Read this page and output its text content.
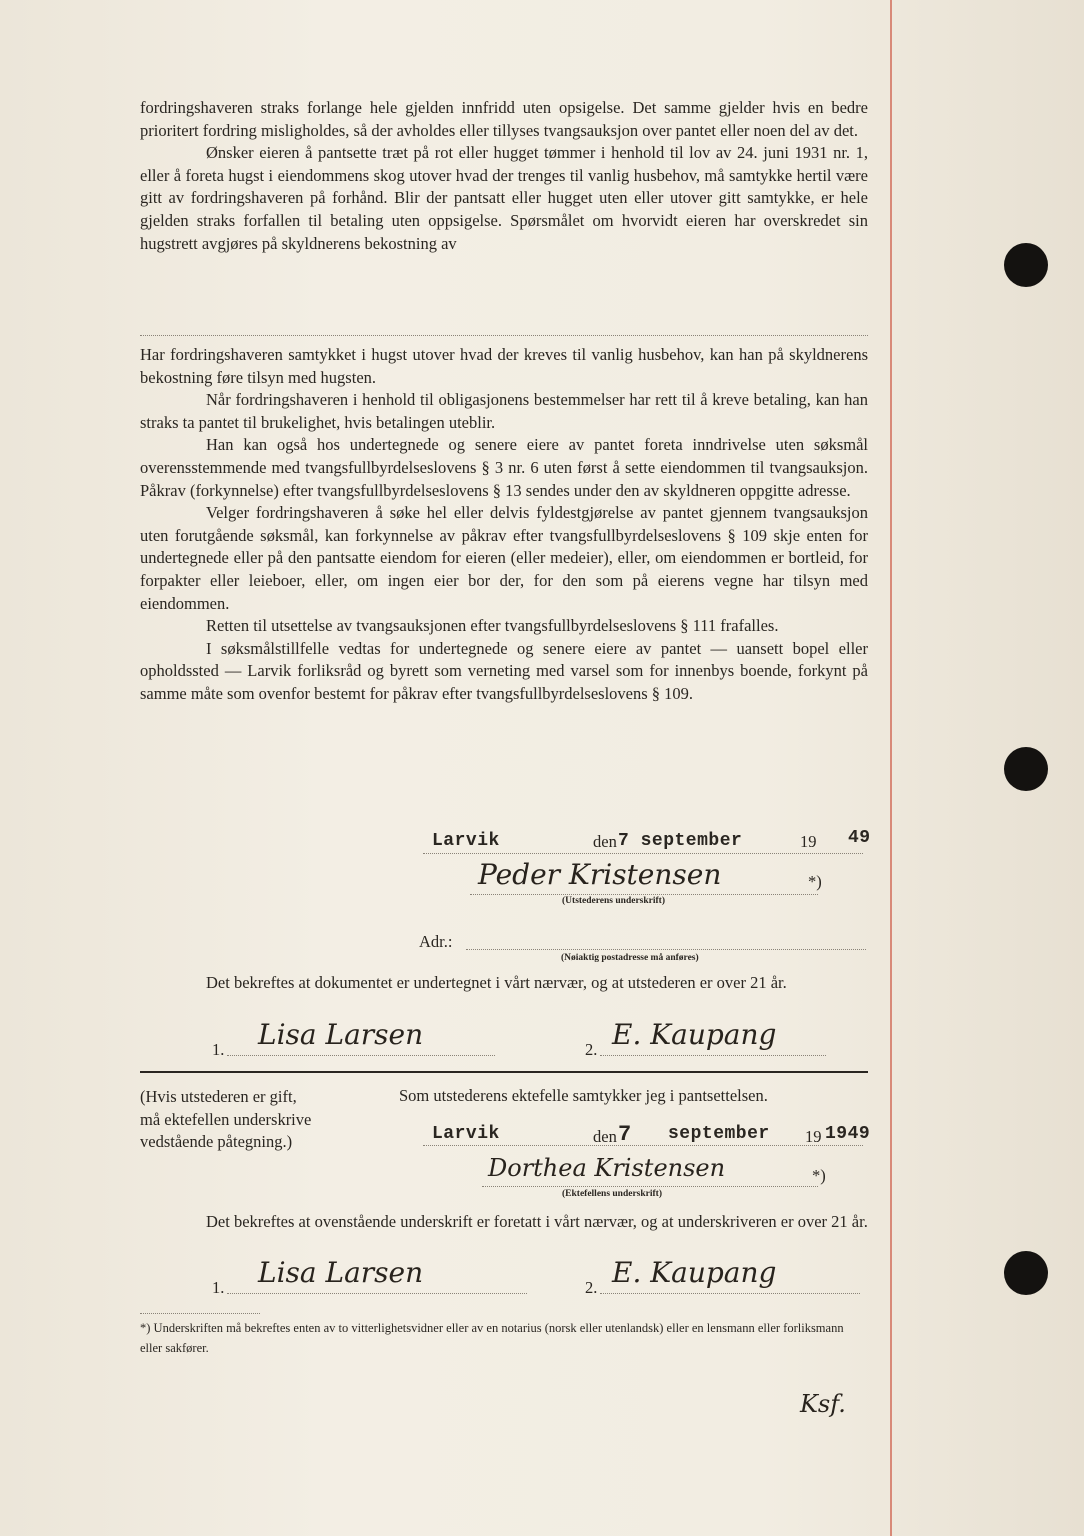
fordringshaveren straks forlange hele gjelden innfridd uten opsigelse. Det samme gjelder hvis en bedre prioritert fordring misligholdes, så der avholdes eller tillyses tvangsauksjon over pantet eller noen del av det.

Ønsker eieren å pantsette træt på rot eller hugget tømmer i henhold til lov av 24. juni 1931 nr. 1, eller å foreta hugst i eiendommens skog utover hvad der trenges til vanlig husbehov, må samtykke hertil være gitt av fordringshaveren på forhånd. Blir der pantsatt eller hugget uten eller utover gitt samtykke, er hele gjelden straks forfallen til betaling uten oppsigelse. Spørsmålet om hvorvidt eieren har overskredet sin hugstrett avgjøres på skyldnerens bekostning av

Har fordringshaveren samtykket i hugst utover hvad der kreves til vanlig husbehov, kan han på skyldnerens bekostning føre tilsyn med hugsten.

Når fordringshaveren i henhold til obligasjonens bestemmelser har rett til å kreve betaling, kan han straks ta pantet til brukelighet, hvis betalingen uteblir.

Han kan også hos undertegnede og senere eiere av pantet foreta inndrivelse uten søksmål overensstemmende med tvangsfullbyrdelseslovens § 3 nr. 6 uten først å sette eiendommen til tvangsauksjon. Påkrav (forkynnelse) efter tvangsfullbyrdelseslovens § 13 sendes under den av skyldneren oppgitte adresse.

Velger fordringshaveren å søke hel eller delvis fyldestgjørelse av pantet gjennem tvangsauksjon uten forutgående søksmål, kan forkynnelse av påkrav efter tvangsfullbyrdelseslovens § 109 skje enten for undertegnede eller på den pantsatte eiendom for eieren (eller medeier), eller, om eiendommen er bortleid, for forpakter eller leieboer, eller, om ingen eier bor der, for den som på eierens vegne har tilsyn med eiendommen.

Retten til utsettelse av tvangsauksjonen efter tvangsfullbyrdelseslovens § 111 frafalles.

I søksmålstillfelle vedtas for undertegnede og senere eiere av pantet — uansett bopel eller opholdssted — Larvik forliksråd og byrett som verneting med varsel som for innenbys boende, forkynt på samme måte som ovenfor bestemt for påkrav efter tvangsfullbyrdelseslovens § 109.

Larvik	den 7 september	19 49
Peder Kristensen	*)
(Utstederens underskrift)
Adr.:
(Nøiaktig postadresse må anføres)

Det bekreftes at dokumentet er undertegnet i vårt nærvær, og at utstederen er over 21 år.

1. Lisa Larsen	2. E. Kaupang
(Hvis utstederen er gift,
må ektefellen underskrive
vedstående påtegning.)
Som utstederens ektefelle samtykker jeg i pantsettelsen.
Larvik	den 7 september 19 1949
Dorthea Kristensen	*)
(Ektefellens underskrift)

Det bekreftes at ovenstående underskrift er foretatt i vårt nærvær, og at underskriveren er over 21 år.

1. Lisa Larsen	2. E. Kaupang
*) Underskriften må bekreftes enten av to vitterlighetsvidner eller av en notarius (norsk eller utenlandsk) eller en lensmann eller forliksmann eller sakfører.
Ksf.
